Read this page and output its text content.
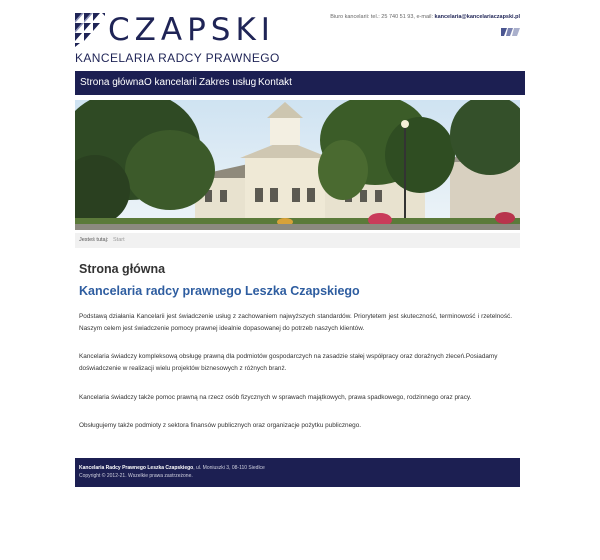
CZAPSKI
KANCELARIA RADCY PRAWNEGO
Biuro kancelarii: tel.: 25 740 51 93, e-mail: kancelaria@kancelariaczapski.pl
Strona główna O kancelarii Zakres usług Kontakt
Jesteś tutaj: Start
Strona główna
Kancelaria radcy prawnego Leszka Czapskiego

Podstawą działania Kancelarii jest świadczenie usług z zachowaniem najwyższych standardów. Priorytetem jest skuteczność, terminowość i rzetelność. Naszym celem jest świadczenie pomocy prawnej idealnie dopasowanej do potrzeb naszych klientów.

Kancelaria świadczy kompleksową obsługę prawną dla podmiotów gospodarczych na zasadzie stałej współpracy oraz doraźnych zleceń.Posiadamy doświadczenie w realizacji wielu projektów biznesowych z różnych branż.

Kancelaria świadczy także pomoc prawną na rzecz osób fizycznych w sprawach majątkowych, prawa spadkowego, rodzinnego oraz pracy.

Obsługujemy także podmioty z sektora finansów publicznych oraz organizacje pożytku publicznego.

Kancelaria Radcy Prawnego Leszka Czapskiego, ul. Moniuszki 3, 08-110 Siedlce
Copyright © 2012-21. Wszelkie prawa zastrzeżone.
